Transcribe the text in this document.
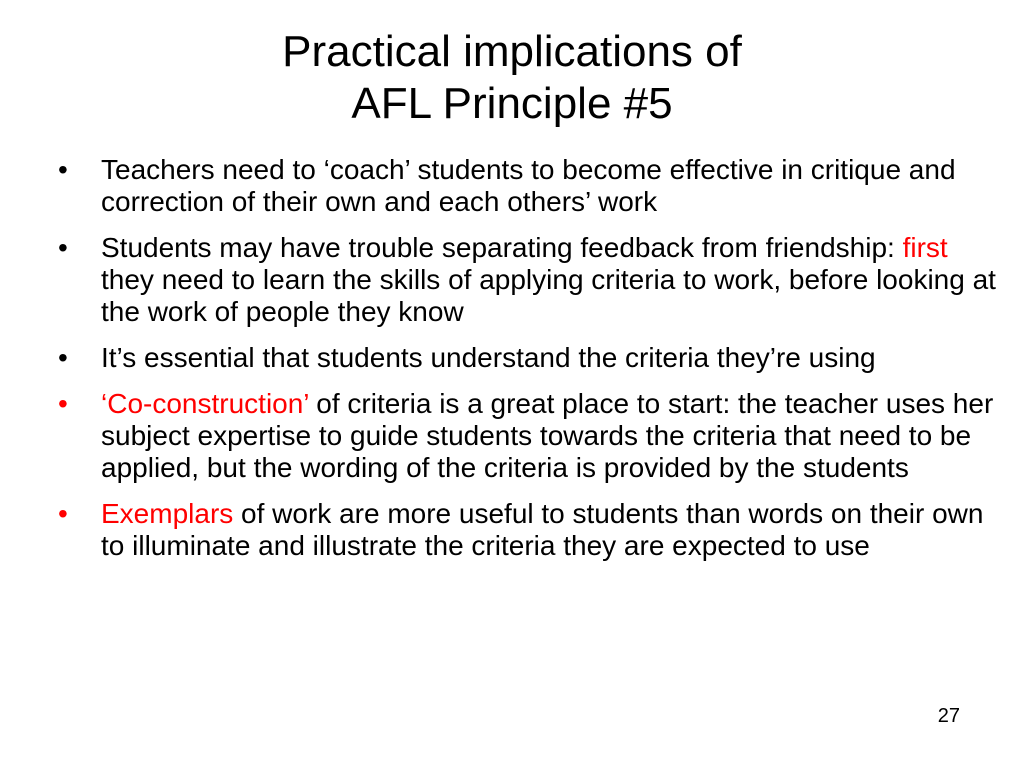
Practical implications of
AFL Principle #5
• Teachers need to ‘coach’ students to become effective in critique and correction of their own and each others’ work
• Students may have trouble separating feedback from friendship: first they need to learn the skills of applying criteria to work, before looking at the work of people they know
• It’s essential that students understand the criteria they’re using
• ‘Co-construction’ of criteria is a great place to start: the teacher uses her subject expertise to guide students towards the criteria that need to be applied, but the wording of the criteria is provided by the students
• Exemplars of work are more useful to students than words on their own to illuminate and illustrate the criteria they are expected to use
27
